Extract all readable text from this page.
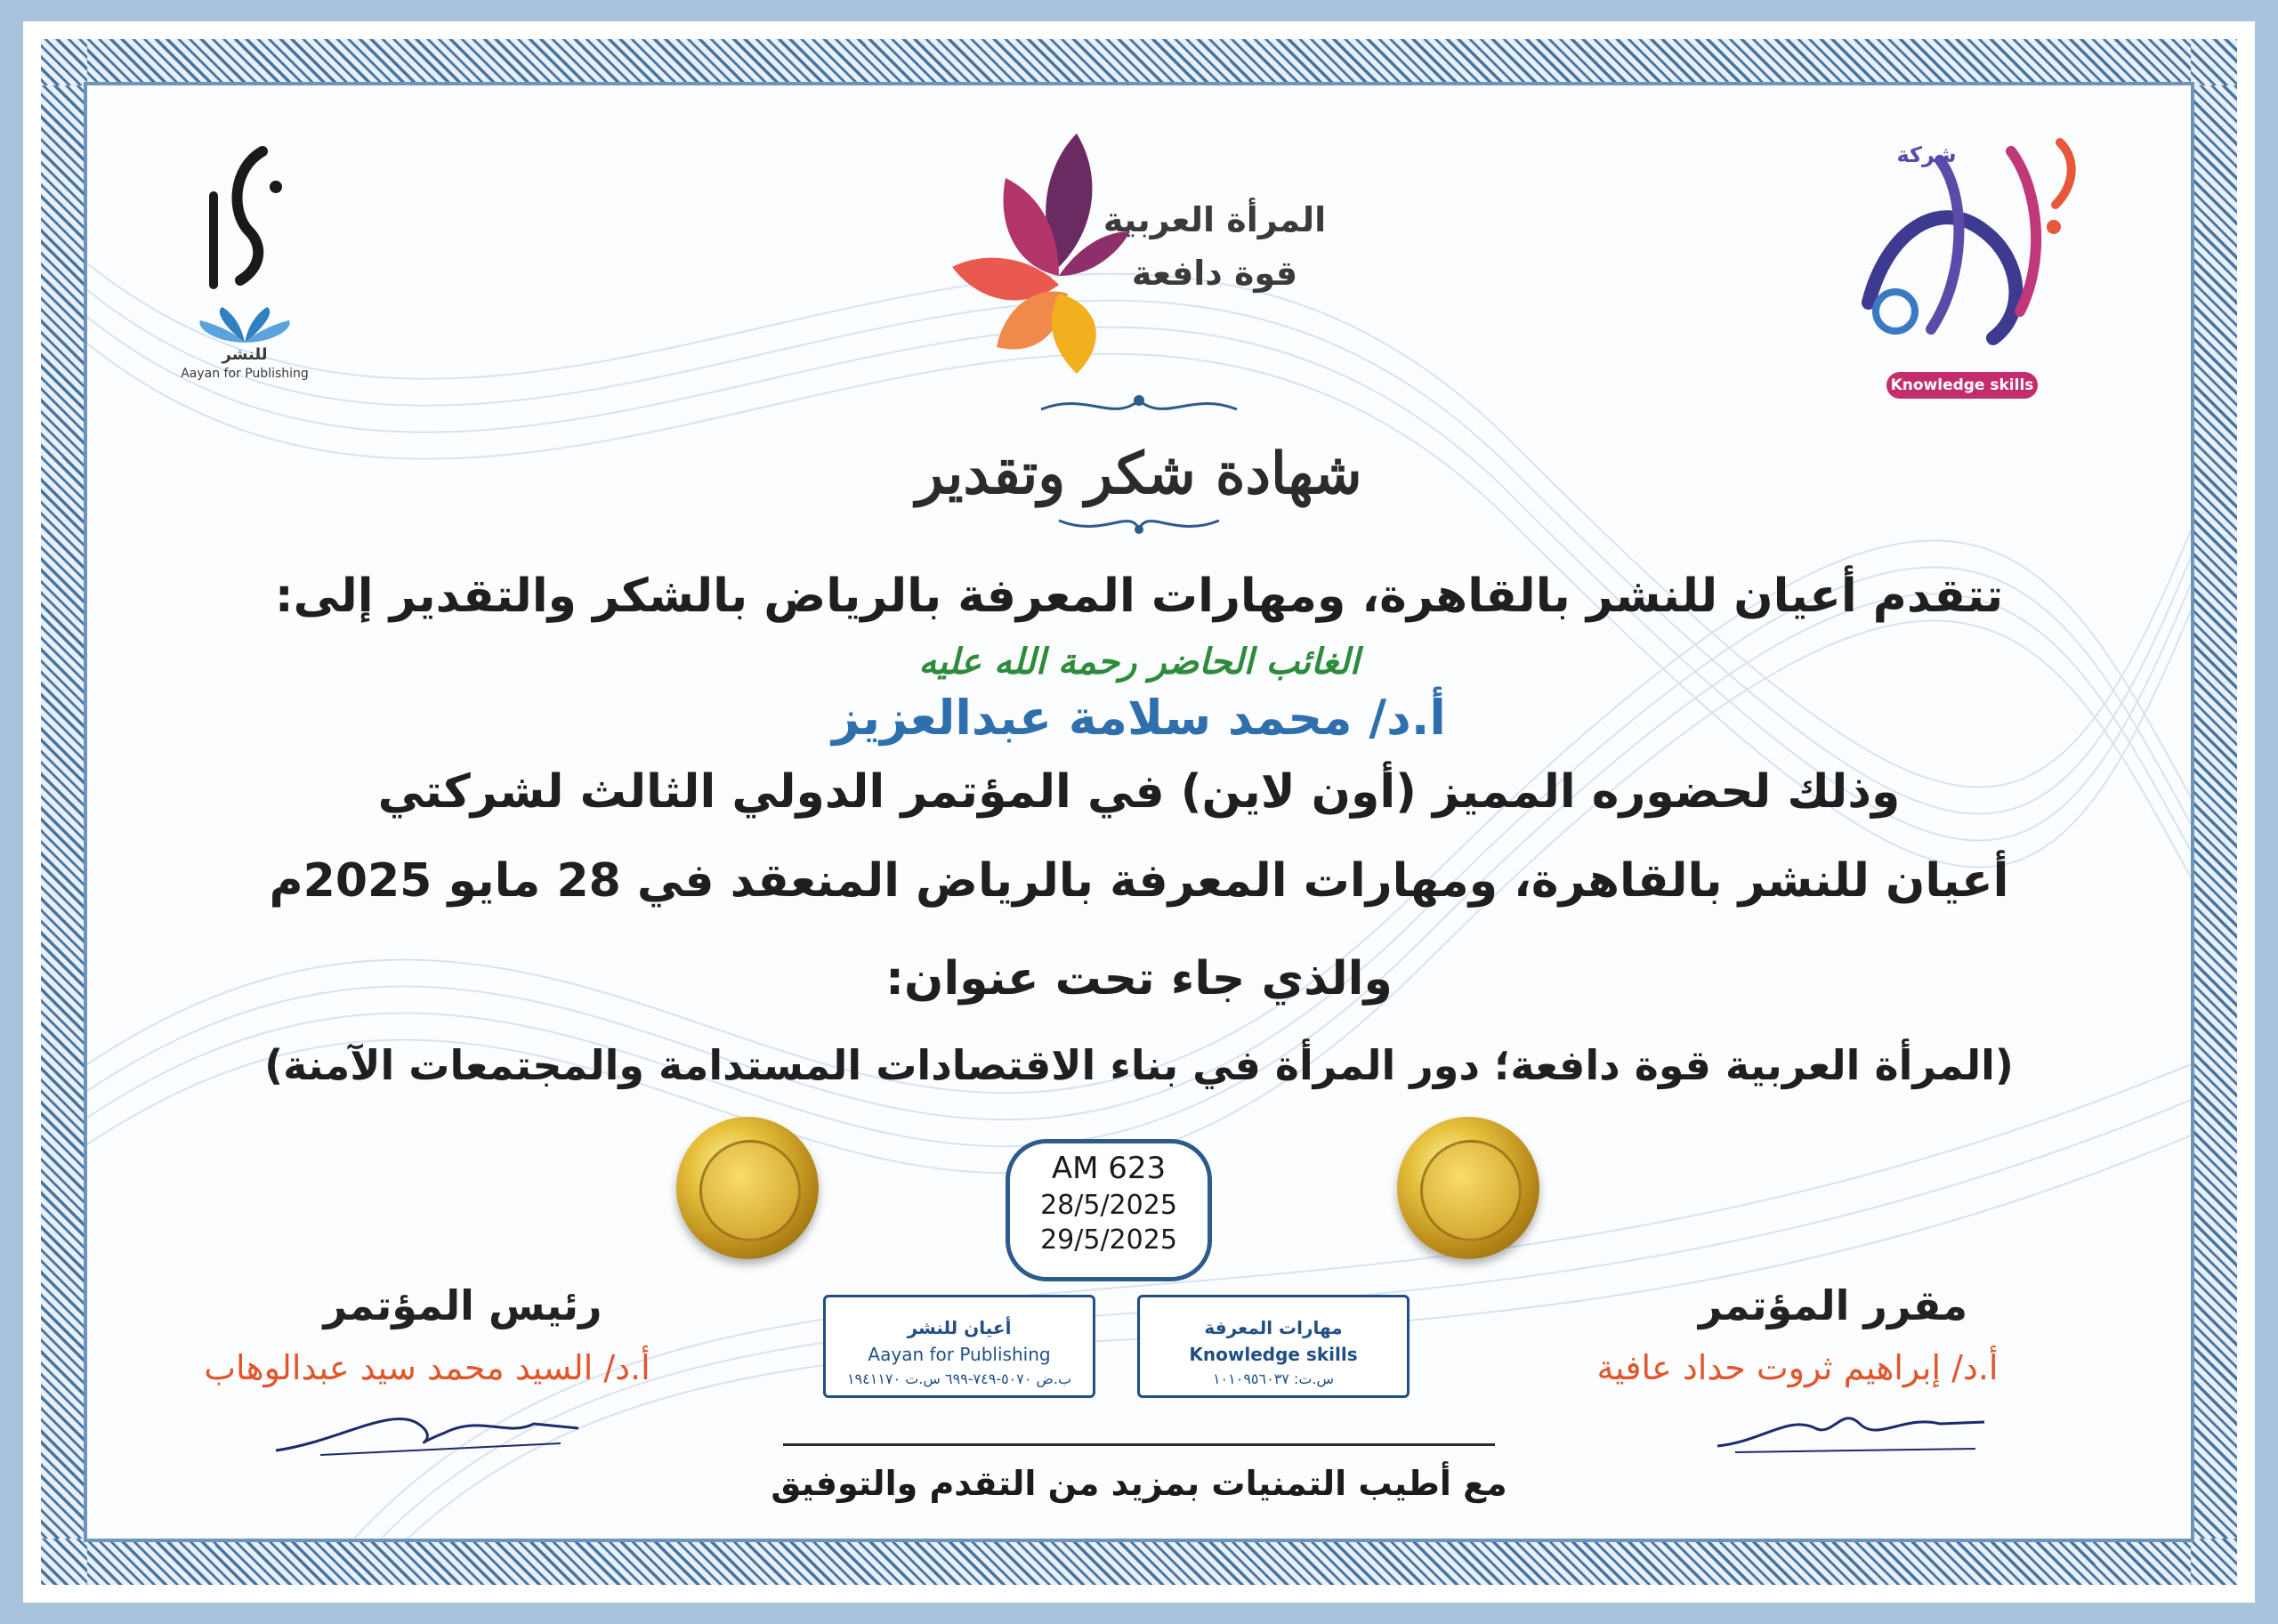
للنشر
Aayan for Publishing
المرأة العربية
قوة دافعة
شركة
Knowledge skills
شهادة شكر وتقدير
تتقدم أعيان للنشر بالقاهرة، ومهارات المعرفة بالرياض بالشكر والتقدير إلى:
الغائب الحاضر رحمة الله عليه
أ.د/ محمد سلامة عبدالعزيز
وذلك لحضوره المميز (أون لاين) في المؤتمر الدولي الثالث لشركتي
أعيان للنشر بالقاهرة، ومهارات المعرفة بالرياض المنعقد في 28 مايو 2025م
والذي جاء تحت عنوان:
(المرأة العربية قوة دافعة؛ دور المرأة في بناء الاقتصادات المستدامة والمجتمعات الآمنة)
AM 623
28/5/2025
29/5/2025
رئيس المؤتمر
أ.د/ السيد محمد سيد عبدالوهاب
مقرر المؤتمر
أ.د/ إبراهيم ثروت حداد عافية
أعيان للنشر
Aayan for Publishing
ب.ض ٥٠٧٠-٧٤٩-٦٩٩ س.ت ١٩٤١١٧٠
مهارات المعرفة
Knowledge skills
س.ت: ١٠١٠٩٥٦٠٣٧
مع أطيب التمنيات بمزيد من التقدم والتوفيق
